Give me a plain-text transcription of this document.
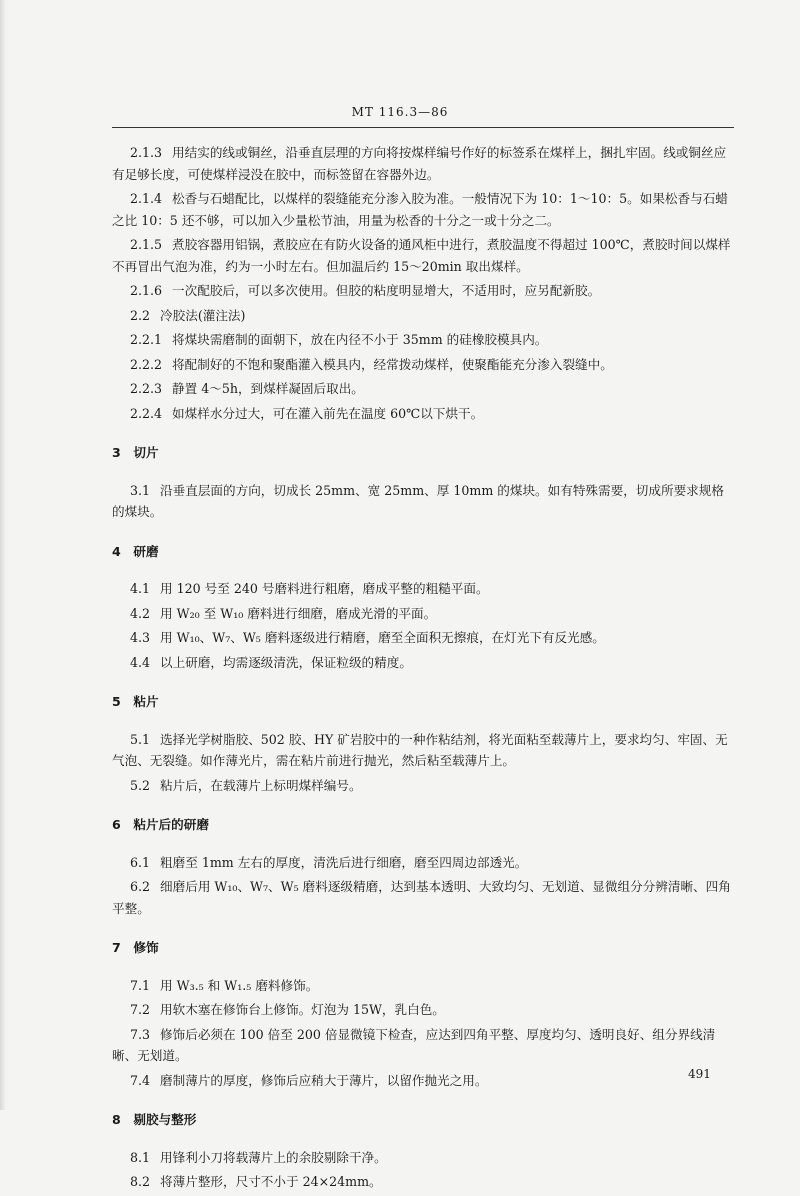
MT 116.3—86

2.1.3 用结实的线或铜丝，沿垂直层理的方向将按煤样编号作好的标签系在煤样上，捆扎牢固。线或铜丝应有足够长度，可使煤样浸没在胶中，而标签留在容器外边。

2.1.4 松香与石蜡配比，以煤样的裂缝能充分渗入胶为准。一般情况下为 10：1～10：5。如果松香与石蜡之比 10：5 还不够，可以加入少量松节油，用量为松香的十分之一或十分之二。

2.1.5 煮胶容器用铝锅，煮胶应在有防火设备的通风柜中进行，煮胶温度不得超过 100℃，煮胶时间以煤样不再冒出气泡为准，约为一小时左右。但加温后约 15～20min 取出煤样。

2.1.6 一次配胶后，可以多次使用。但胶的粘度明显增大，不适用时，应另配新胶。

2.2 冷胶法(灌注法)

2.2.1 将煤块需磨制的面朝下，放在内径不小于 35mm 的硅橡胶模具内。

2.2.2 将配制好的不饱和聚酯灌入模具内，经常拨动煤样，使聚酯能充分渗入裂缝中。

2.2.3 静置 4～5h，到煤样凝固后取出。

2.2.4 如煤样水分过大，可在灌入前先在温度 60℃以下烘干。

3　切片

3.1 沿垂直层面的方向，切成长 25mm、宽 25mm、厚 10mm 的煤块。如有特殊需要，切成所要求规格的煤块。

4　研磨

4.1 用 120 号至 240 号磨料进行粗磨，磨成平整的粗糙平面。

4.2 用 W₂₀ 至 W₁₀ 磨料进行细磨，磨成光滑的平面。

4.3 用 W₁₀、W₇、W₅ 磨料逐级进行精磨，磨至全面积无擦痕，在灯光下有反光感。

4.4 以上研磨，均需逐级清洗，保证粒级的精度。

5　粘片

5.1 选择光学树脂胶、502 胶、HY 矿岩胶中的一种作粘结剂，将光面粘至载薄片上，要求均匀、牢固、无气泡、无裂缝。如作薄光片，需在粘片前进行抛光，然后粘至载薄片上。

5.2 粘片后，在载薄片上标明煤样编号。

6　粘片后的研磨

6.1 粗磨至 1mm 左右的厚度，清洗后进行细磨，磨至四周边部透光。

6.2 细磨后用 W₁₀、W₇、W₅ 磨料逐级精磨，达到基本透明、大致均匀、无划道、显微组分分辨清晰、四角平整。

7　修饰

7.1 用 W₃.₅ 和 W₁.₅ 磨料修饰。

7.2 用软木塞在修饰台上修饰。灯泡为 15W，乳白色。

7.3 修饰后必须在 100 倍至 200 倍显微镜下检查，应达到四角平整、厚度均匀、透明良好、组分界线清晰、无划道。

7.4 磨制薄片的厚度，修饰后应稍大于薄片，以留作抛光之用。

8　剔胶与整形

8.1 用锋利小刀将载薄片上的余胶剔除干净。

8.2 将薄片整形，尺寸不小于 24×24mm。

491
